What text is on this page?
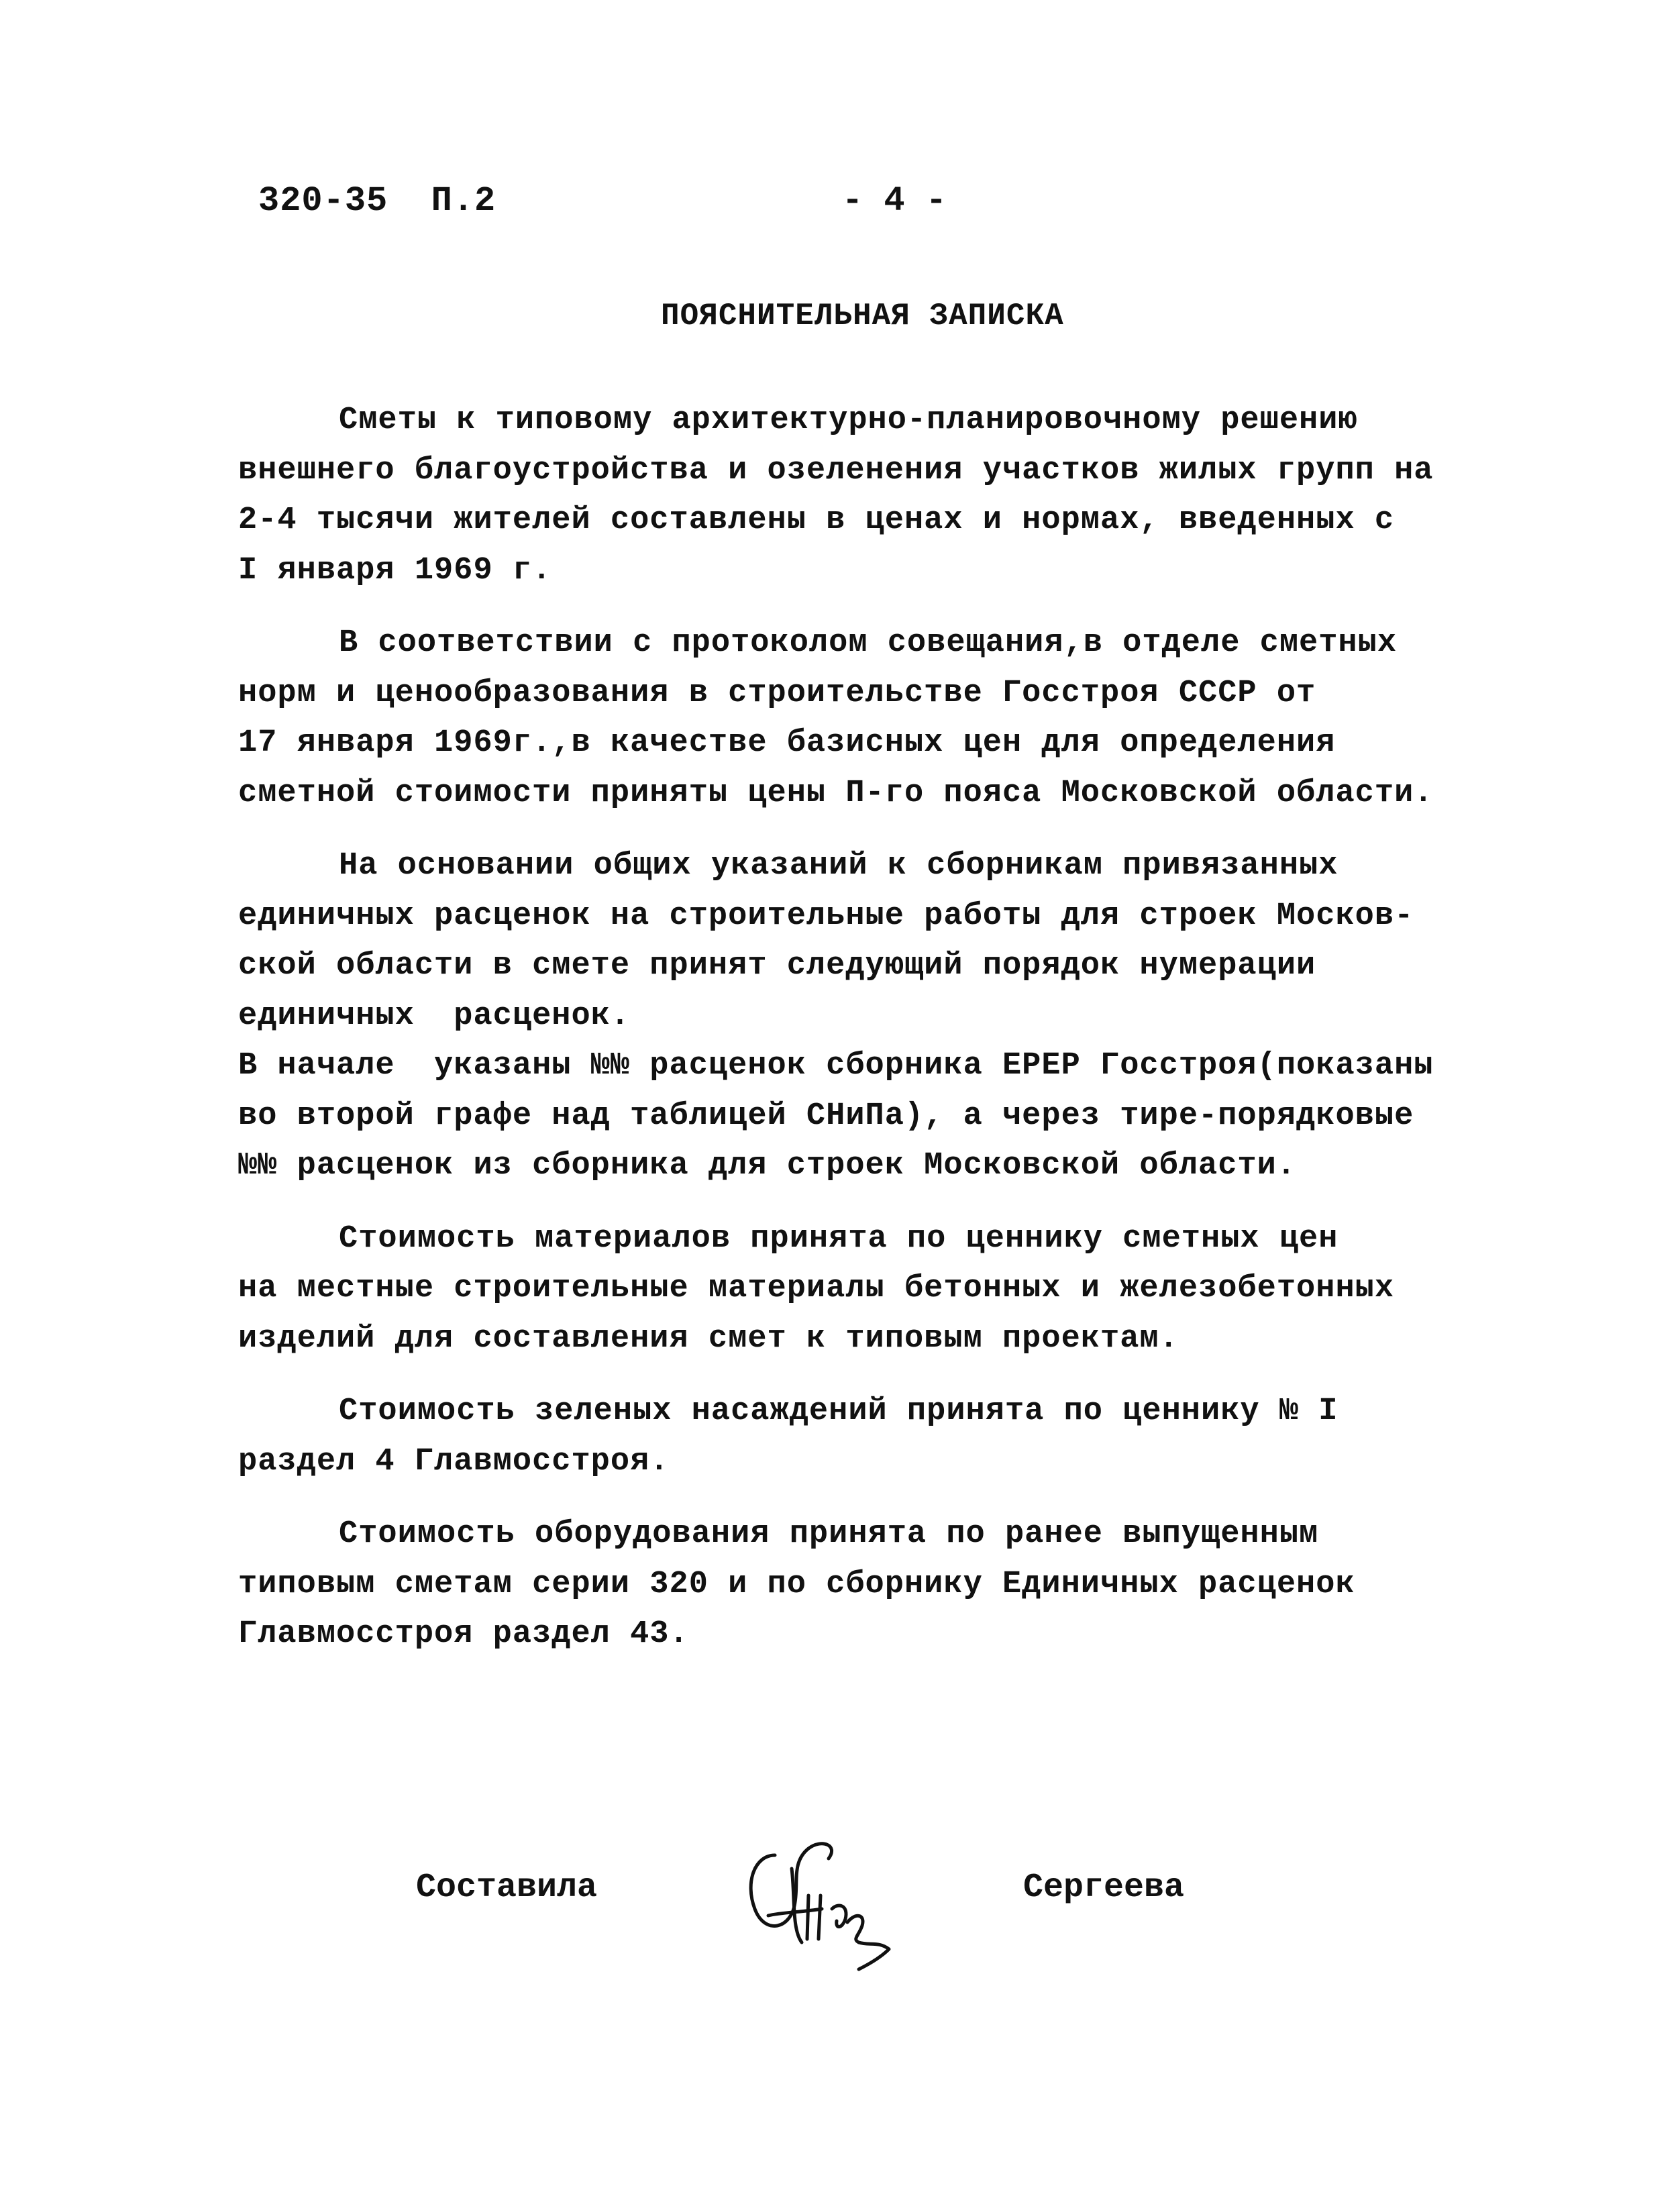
320-35  П.2	- 4 -
ПОЯСНИТЕЛЬНАЯ ЗАПИСКА
Сметы к типовому архитектурно-планировочному решению
внешнего благоустройства и озеленения участков жилых групп на
2-4 тысячи жителей составлены в ценах и нормах, введенных с
I января 1969 г.
В соответствии с протоколом совещания,в отделе сметных
норм и ценообразования в строительстве Госстроя СССР от
17 января 1969г.,в качестве базисных цен для определения
сметной стоимости приняты цены П-го пояса Московской области.
На основании общих указаний к сборникам привязанных
единичных расценок на строительные работы для строек Москов-
ской области в смете принят следующий порядок нумерации
единичных  расценок.
В начале  указаны №№ расценок сборника ЕРЕР Госстроя(показаны
во второй графе над таблицей СНиПа), а через тире-порядковые
№№ расценок из сборника для строек Московской области.
Стоимость материалов принята по ценнику сметных цен
на местные строительные материалы бетонных и железобетонных
изделий для составления смет к типовым проектам.
Стоимость зеленых насаждений принята по ценнику № I
раздел 4 Главмосстроя.
Стоимость оборудования принята по ранее выпущенным
типовым сметам серии 320 и по сборнику Единичных расценок
Главмосстроя раздел 43.
Составила	Сергеева
